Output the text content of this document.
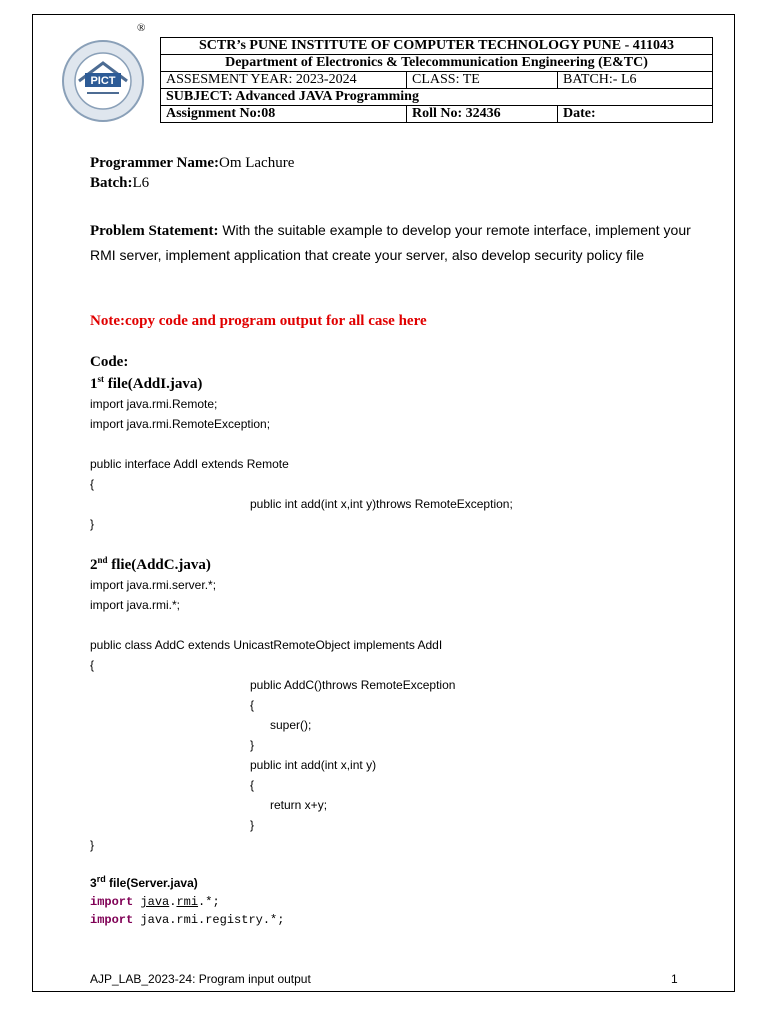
®
PICT
SCTR’s PUNE INSTITUTE OF COMPUTER TECHNOLOGY PUNE - 411043		
Department of Electronics & Telecommunication Engineering (E&TC)		
ASSESMENT YEAR: 2023-2024	CLASS: TE	BATCH:- L6
SUBJECT: Advanced JAVA Programming		
Assignment No:08	Roll No: 32436	Date:
Programmer Name:Om Lachure
Batch:L6
Problem Statement: With the suitable example to develop your remote interface, implement your RMI server, implement application that create your server, also develop security policy file
Note:copy code and program output for all case here
Code:
1st file(AddI.java)
import java.rmi.Remote;
import java.rmi.RemoteException;
public interface AddI extends Remote
{
public int add(int x,int y)throws RemoteException;
}
2nd flie(AddC.java)
import java.rmi.server.*;
import java.rmi.*;
public class AddC extends UnicastRemoteObject implements AddI
{
public AddC()throws RemoteException
{
super();
}
public int add(int x,int y)
{
return x+y;
}
}
3rd file(Server.java)
import java.rmi.*;
import java.rmi.registry.*;
AJP_LAB_2023-24: Program input output	1
